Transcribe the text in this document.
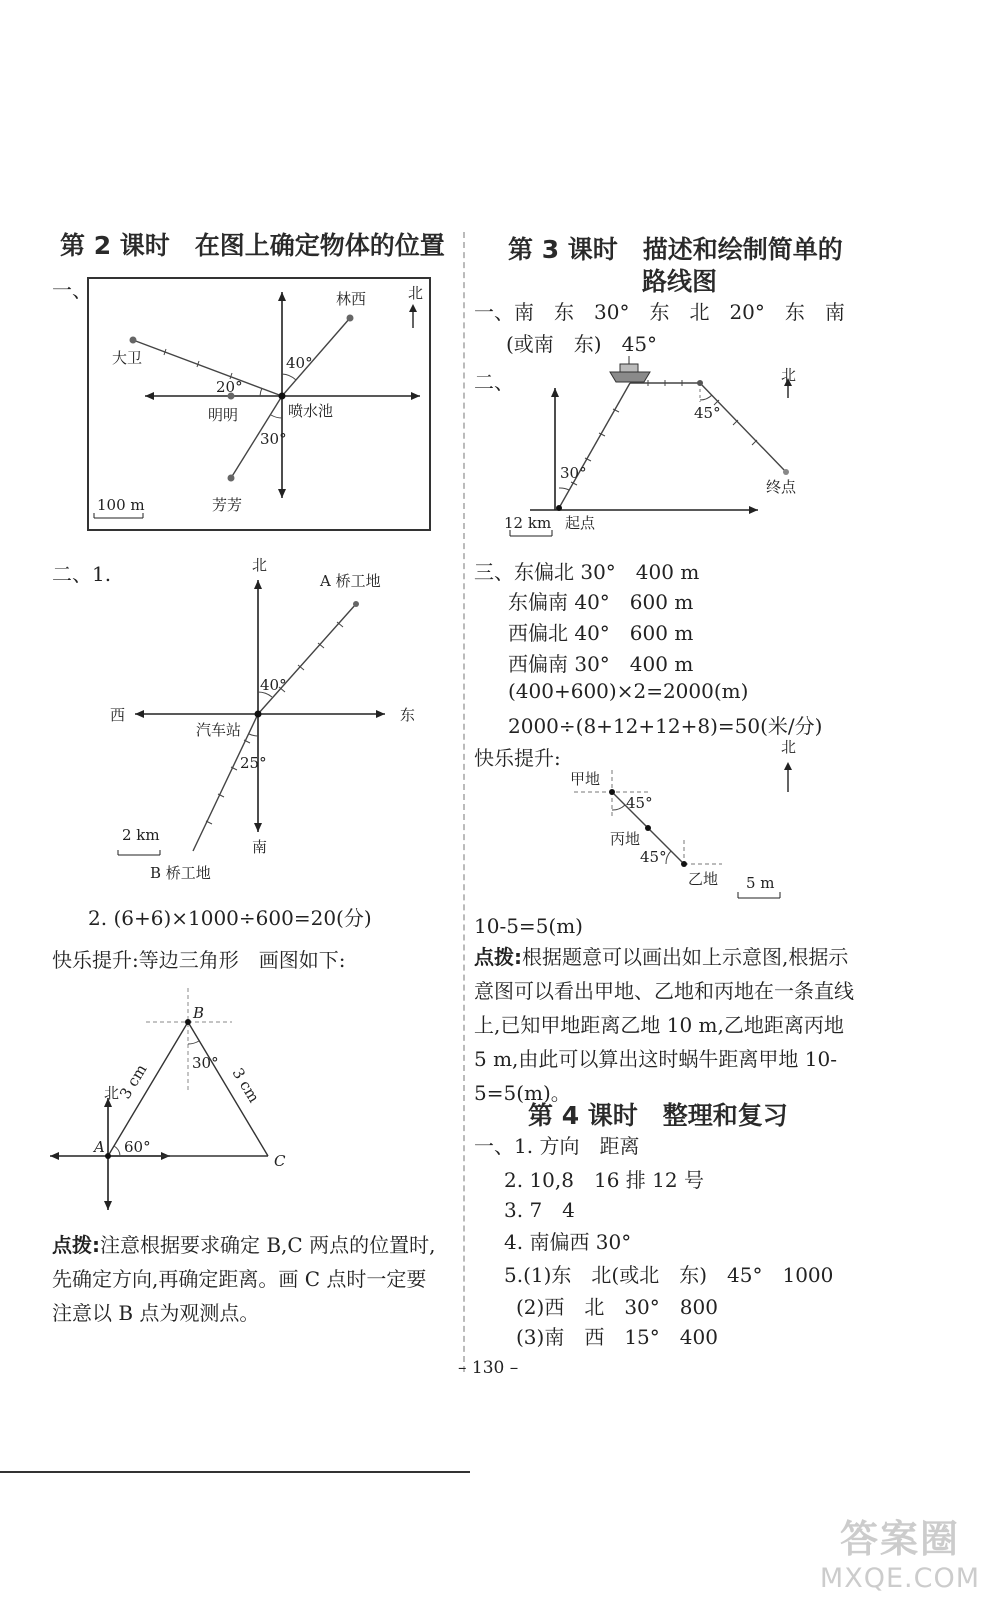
第 2 课时　在图上确定物体的位置
一、	北
林西
大卫
明明	喷水池
芳芳
40°
20°
30°
100 m
二、1.	北
西	东
南
A 桥工地
汽车站
B 桥工地
40°
25°
2 km
2. (6+6)×1000÷600=20(分)
快乐提升:等边三角形　画图如下:
北
A
B
C
3 cm	3 cm
60°
30°
点拨:注意根据要求确定 B,C 两点的位置时,先确定方向,再确定距离。画 C 点时一定要注意以 B 点为观测点。
第 3 课时　描述和绘制简单的
路线图
一、南　东　30°　东　北　20°　东　南
(或南　东)　45°
二、	北
30°
45°
起点
终点
12 km
三、东偏北 30°　400 m
东偏南 40°　600 m
西偏北 40°　600 m
西偏南 30°　400 m
(400+600)×2=2000(m)
2000÷(8+12+12+8)=50(米/分)
快乐提升:	北
甲地
丙地
乙地
45°
45°
5 m
10-5=5(m)
点拨:根据题意可以画出如上示意图,根据示意图可以看出甲地、乙地和丙地在一条直线上,已知甲地距离乙地 10 m,乙地距离丙地 5 m,由此可以算出这时蜗牛距离甲地 10-5=5(m)。
第 4 课时　整理和复习
一、1. 方向　距离
2. 10,8　16 排 12 号
3. 7　4
4. 南偏西 30°
5.(1)东　北(或北　东)　45°　1000
(2)西　北　30°　800
(3)南　西　15°　400
– 130 –
答案圈
MXQE.COM
